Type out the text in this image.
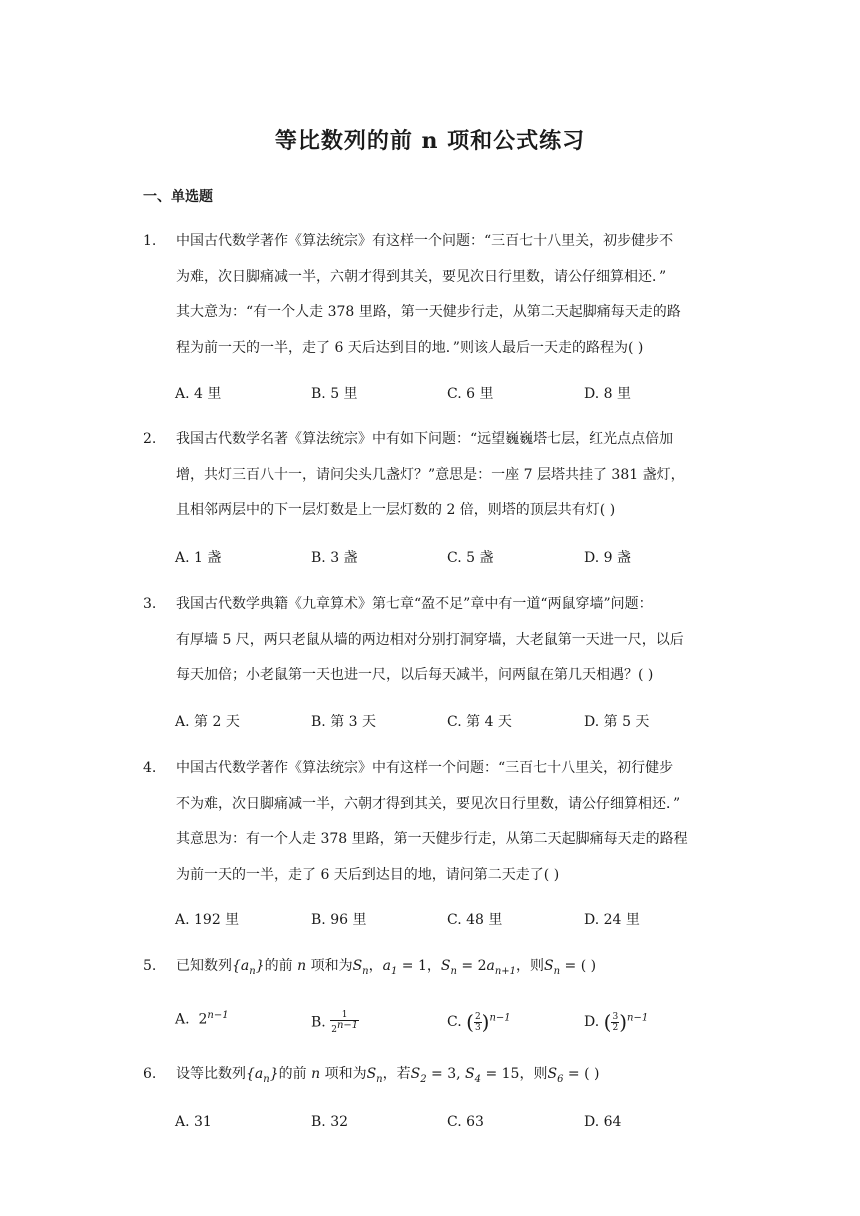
等比数列的前 n 项和公式练习
一、单选题
1. 中国古代数学著作《算法统宗》有这样一个问题：“三百七十八里关，初步健步不
为难，次日脚痛减一半，六朝才得到其关，要见次日行里数，请公仔细算相还．”
其大意为：“有一个人走 378 里路，第一天健步行走，从第二天起脚痛每天走的路
程为前一天的一半，走了 6 天后达到目的地．”则该人最后一天走的路程为( )
A. 4 里	B. 5 里	C. 6 里	D. 8 里
2. 我国古代数学名著《算法统宗》中有如下问题：“远望巍巍塔七层，红光点点倍加
增，共灯三百八十一，请问尖头几盏灯？”意思是：一座 7 层塔共挂了 381 盏灯，
且相邻两层中的下一层灯数是上一层灯数的 2 倍，则塔的顶层共有灯( )
A. 1 盏	B. 3 盏	C. 5 盏	D. 9 盏
3. 我国古代数学典籍《九章算术》第七章“盈不足”章中有一道“两鼠穿墙”问题：
有厚墙 5 尺，两只老鼠从墙的两边相对分别打洞穿墙，大老鼠第一天进一尺，以后
每天加倍；小老鼠第一天也进一尺，以后每天减半，问两鼠在第几天相遇？( )
A. 第 2 天	B. 第 3 天	C. 第 4 天	D. 第 5 天
4. 中国古代数学著作《算法统宗》中有这样一个问题：“三百七十八里关，初行健步
不为难，次日脚痛减一半，六朝才得到其关，要见次日行里数，请公仔细算相还．”
其意思为：有一个人走 378 里路，第一天健步行走，从第二天起脚痛每天走的路程
为前一天的一半，走了 6 天后到达目的地，请问第二天走了( )
A. 192 里	B. 96 里	C. 48 里	D. 24 里
5. 已知数列$\{a_n\}$的前 n 项和为$S_n$，$a_1 = 1$，$S_n = 2a_{n+1}$，则$S_n$ = ( )
A.  $2^{n-1}$	B. $\frac{1}{2^{n-1}}$	C. ( $\frac{2}{3} )^{n-1}$	D. ( $\frac{3}{2} )^{n-1}$
6. 设等比数列$\{a_n\}$的前 n 项和为$S_n$，若$S_2 = 3$, $S_4 = 15$，则$S_6$ = ( )
A. 31	B. 32	C. 63	D. 64
